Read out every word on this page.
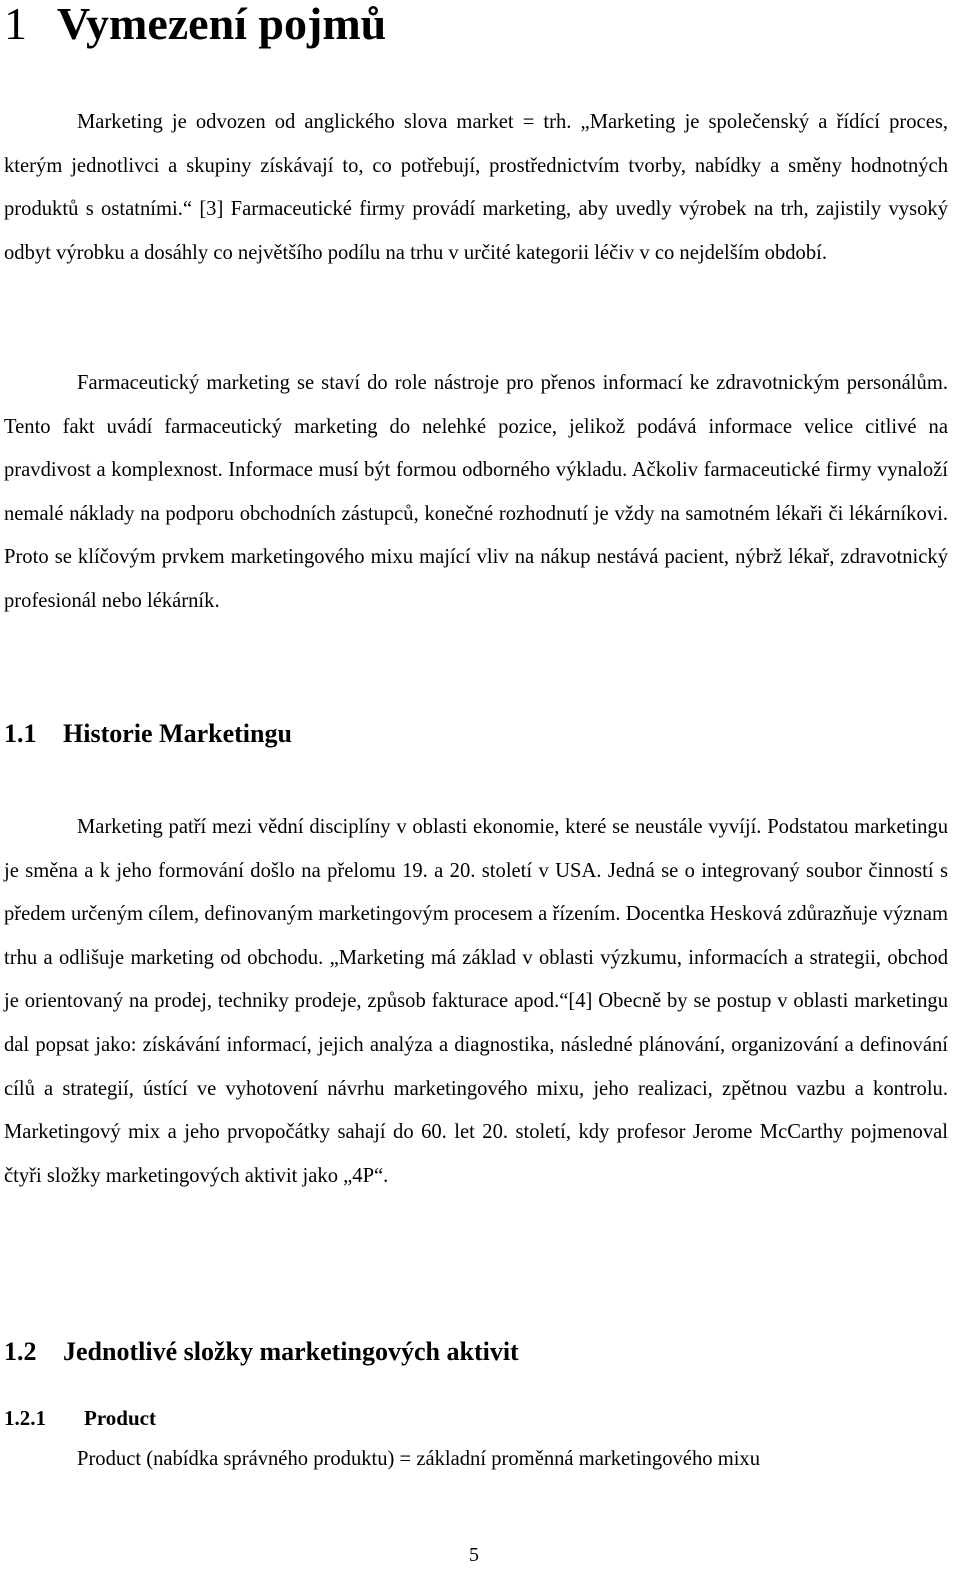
1 Vymezení pojmů

Marketing je odvozen od anglického slova market = trh. „Marketing je společenský a řídící proces, kterým jednotlivci a skupiny získávají to, co potřebují, prostřednictvím tvorby, nabídky a směny hodnotných produktů s ostatními.“ [3] Farmaceutické firmy provádí marketing, aby uvedly výrobek na trh, zajistily vysoký odbyt výrobku a dosáhly co největšího podílu na trhu v určité kategorii léčiv v co nejdelším období.

Farmaceutický marketing se staví do role nástroje pro přenos informací ke zdravotnickým personálům. Tento fakt uvádí farmaceutický marketing do nelehké pozice, jelikož podává informace velice citlivé na pravdivost a komplexnost. Informace musí být formou odborného výkladu. Ačkoliv farmaceutické firmy vynaloží nemalé náklady na podporu obchodních zástupců, konečné rozhodnutí je vždy na samotném lékaři či lékárníkovi. Proto se klíčovým prvkem marketingového mixu mající vliv na nákup nestává pacient, nýbrž lékař, zdravotnický profesionál nebo lékárník.

1.1 Historie Marketingu

Marketing patří mezi vědní disciplíny v oblasti ekonomie, které se neustále vyvíjí. Podstatou marketingu je směna a k jeho formování došlo na přelomu 19. a 20. století v USA. Jedná se o integrovaný soubor činností s předem určeným cílem, definovaným marketingovým procesem a řízením. Docentka Hesková zdůrazňuje význam trhu a odlišuje marketing od obchodu. „Marketing má základ v oblasti výzkumu, informacích a strategii, obchod je orientovaný na prodej, techniky prodeje, způsob fakturace apod.“[4] Obecně by se postup v oblasti marketingu dal popsat jako: získávání informací, jejich analýza a diagnostika, následné plánování, organizování a definování cílů a strategií, ústící ve vyhotovení návrhu marketingového mixu, jeho realizaci, zpětnou vazbu a kontrolu. Marketingový mix a jeho prvopočátky sahají do 60. let 20. století, kdy profesor Jerome McCarthy pojmenoval čtyři složky marketingových aktivit jako „4P“.

1.2 Jednotlivé složky marketingových aktivit
1.2.1 Product
Product (nabídka správného produktu) = základní proměnná marketingového mixu
5
